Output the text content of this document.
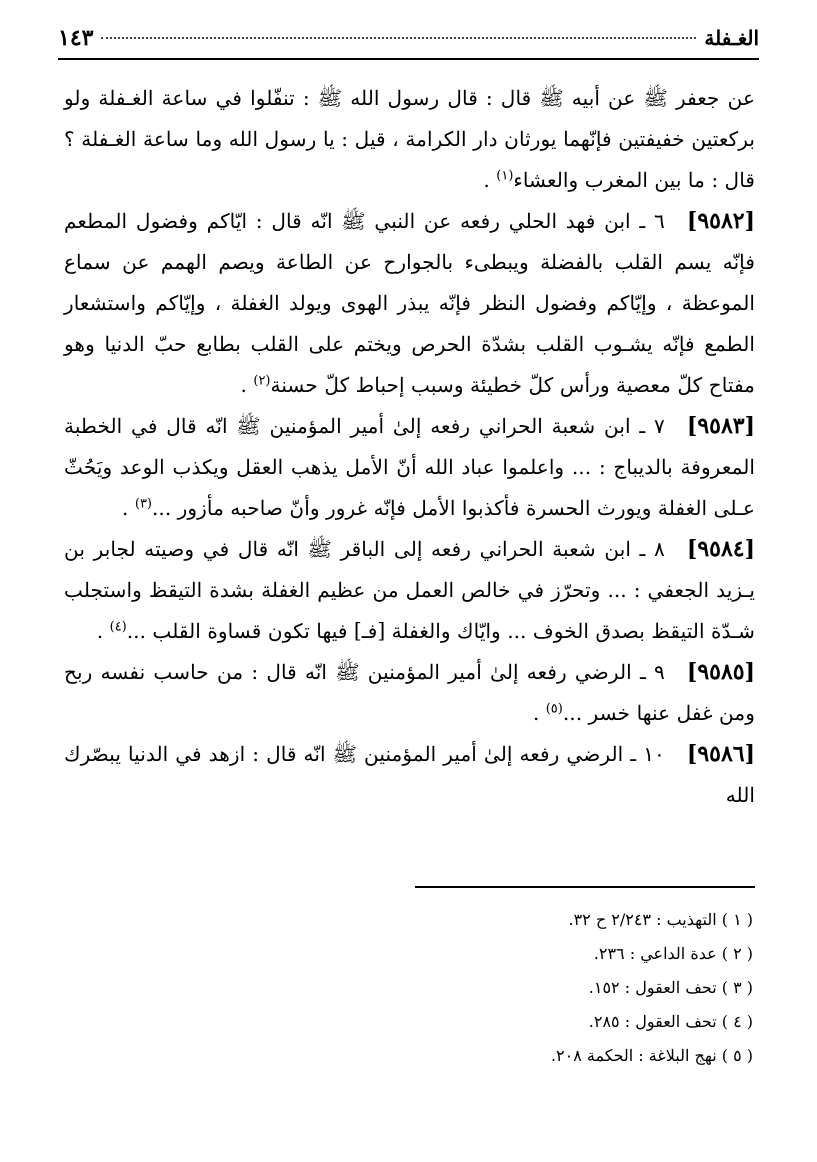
الغـفلة
١٤٣

عن جعفر ﷺ عن أبيه ﷺ قال : قال رسول الله ﷺ : تنفّلوا في ساعة الغـفلة ولو بركعتين خفيفتين فإنّهما يورثان دار الكرامة ، قيل : يا رسول الله وما ساعة الغـفلة ؟ قال : ما بين المغرب والعشاء$^{(١)}$ .

[٩٥٨٢]٦ ـ ابن فهد الحلي رفعه عن النبي ﷺ انّه قال : ايّاكم وفضول المطعم فإنّه يسم القلب بالفضلة ويبطىء بالجوارح عن الطاعة ويصم الهمم عن سماع الموعظة ، وإيّاكم وفضول النظر فإنّه يبذر الهوى ويولد الغفلة ، وإيّاكم واستشعار الطمع فإنّه يشـوب القلب بشدّة الحرص ويختم على القلب بطابع حبّ الدنيا وهو مفتاح كلّ معصية ورأس كلّ خطيئة وسبب إحباط كلّ حسنة$^{(٢)}$ .

[٩٥٨٣]٧ ـ ابن شعبة الحراني رفعه إلىٰ أمير المؤمنين ﷺ انّه قال في الخطبة المعروفة بالديباج : ... واعلموا عباد الله أنّ الأمل يذهب العقل ويكذب الوعد ويَحُثّ عـلى الغفلة ويورث الحسرة فأكذبوا الأمل فإنّه غرور وأنّ صاحبه مأزور ...$^{(٣)}$ .

[٩٥٨٤]٨ ـ ابن شعبة الحراني رفعه إلى الباقر ﷺ انّه قال في وصيته لجابر بن يـزيد الجعفي : ... وتحرّز في خالص العمل من عظيم الغفلة بشدة التيقظ واستجلب شـدّة التيقظ بصدق الخوف ... وايّاك والغفلة [فـ] فيها تكون قساوة القلب ...$^{(٤)}$ .

[٩٥٨٥]٩ ـ الرضي رفعه إلىٰ أمير المؤمنين ﷺ انّه قال : من حاسب نفسه ربح ومن غفل عنها خسر ...$^{(٥)}$ .

[٩٥٨٦]١٠ ـ الرضي رفعه إلىٰ أمير المؤمنين ﷺ انّه قال : ازهد في الدنيا يبصّرك الله

( ١ ) التهذيب : ٢/٢٤٣ ح ٣٢.

( ٢ ) عدة الداعي : ٢٣٦.

( ٣ ) تحف العقول : ١٥٢.

( ٤ ) تحف العقول : ٢٨٥.

( ٥ ) نهج البلاغة : الحكمة ٢٠٨.
